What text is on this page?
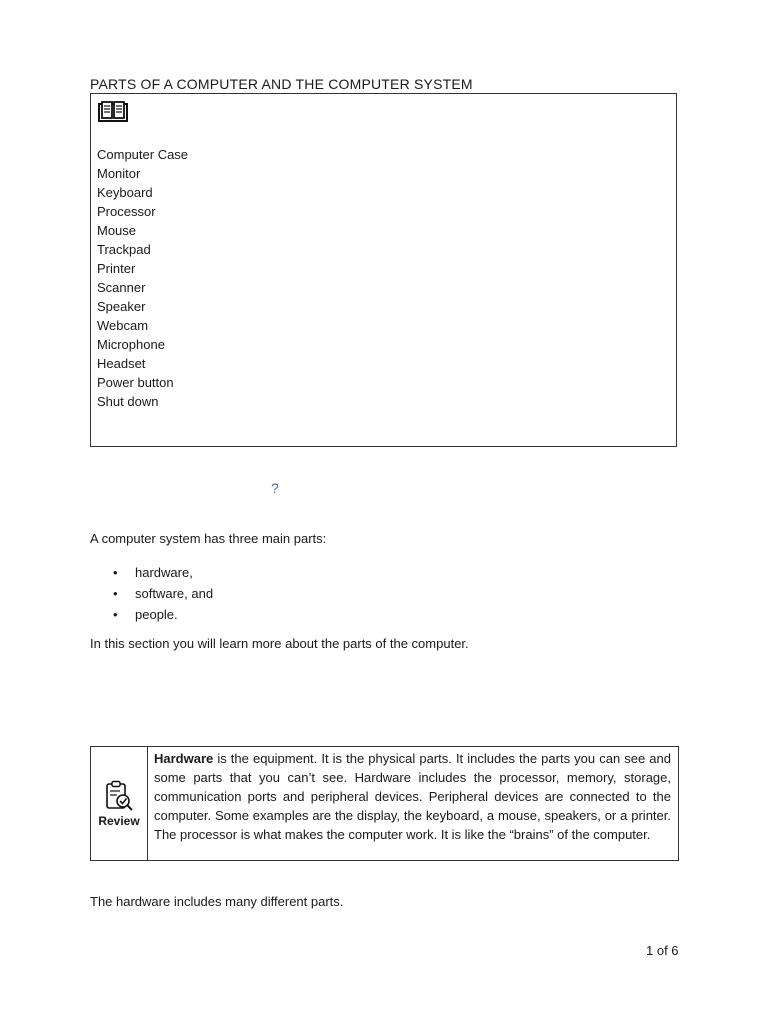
PARTS OF A COMPUTER AND THE COMPUTER SYSTEM
Computer Case
Monitor
Keyboard
Processor
Mouse
Trackpad
Printer
Scanner
Speaker
Webcam
Microphone
Headset
Power button
Shut down
?

A computer system has three main parts:

• hardware,
• software, and
• people.

In this section you will learn more about the parts of the computer.

Review
Hardware is the equipment. It is the physical parts. It includes the parts you can see and some parts that you can’t see. Hardware includes the processor, memory, storage, communication ports and peripheral devices. Peripheral devices are connected to the computer. Some examples are the display, the keyboard, a mouse, speakers, or a printer. The processor is what makes the computer work. It is like the “brains” of the computer.

The hardware includes many different parts.

1 of 6
